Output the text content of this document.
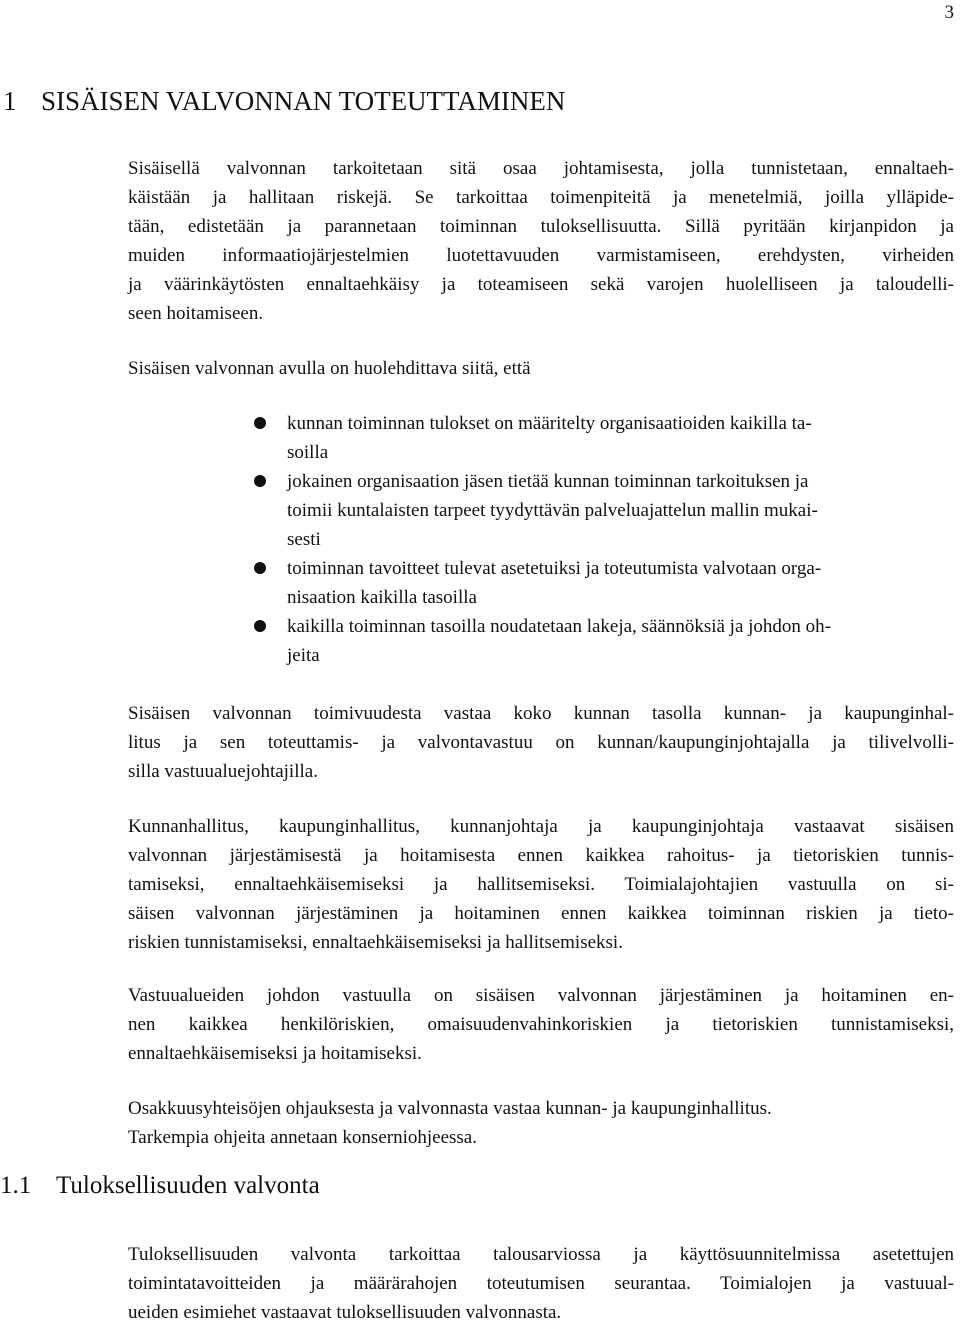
3
1 SISÄISEN VALVONNAN TOTEUTTAMINEN

Sisäisellä valvonnan tarkoitetaan sitä osaa johtamisesta, jolla tunnistetaan, ennaltaeh-
käistään ja hallitaan riskejä. Se tarkoittaa toimenpiteitä ja menetelmiä, joilla ylläpide-
tään, edistetään ja parannetaan toiminnan tuloksellisuutta. Sillä pyritään kirjanpidon ja
muiden informaatiojärjestelmien luotettavuuden varmistamiseen, erehdysten, virheiden
ja väärinkäytösten ennaltaehkäisy ja toteamiseen sekä varojen huolelliseen ja taloudelli-
seen hoitamiseen.

Sisäisen valvonnan avulla on huolehdittava siitä, että

kunnan toiminnan tulokset on määritelty organisaatioiden kaikilla ta-
soilla
jokainen organisaation jäsen tietää kunnan toiminnan tarkoituksen ja
toimii kuntalaisten tarpeet tyydyttävän palveluajattelun mallin mukai-
sesti
toiminnan tavoitteet tulevat asetetuiksi ja toteutumista valvotaan orga-
nisaation kaikilla tasoilla
kaikilla toiminnan tasoilla noudatetaan lakeja, säännöksiä ja johdon oh-
jeita

Sisäisen valvonnan toimivuudesta vastaa koko kunnan tasolla kunnan- ja kaupunginhal-
litus ja sen toteuttamis- ja valvontavastuu on kunnan/kaupunginjohtajalla ja tilivelvolli-
silla vastuualuejohtajilla.

Kunnanhallitus, kaupunginhallitus, kunnanjohtaja ja kaupunginjohtaja vastaavat sisäisen
valvonnan järjestämisestä ja hoitamisesta ennen kaikkea rahoitus- ja tietoriskien tunnis-
tamiseksi, ennaltaehkäisemiseksi ja hallitsemiseksi. Toimialajohtajien vastuulla on si-
säisen valvonnan järjestäminen ja hoitaminen ennen kaikkea toiminnan riskien ja tieto-
riskien tunnistamiseksi, ennaltaehkäisemiseksi ja hallitsemiseksi.

Vastuualueiden johdon vastuulla on sisäisen valvonnan järjestäminen ja hoitaminen en-
nen kaikkea henkilöriskien, omaisuudenvahinkoriskien ja tietoriskien tunnistamiseksi,
ennaltaehkäisemiseksi ja hoitamiseksi.

Osakkuusyhteisöjen ohjauksesta ja valvonnasta vastaa kunnan- ja kaupunginhallitus.
Tarkempia ohjeita annetaan konserniohjeessa.

1.1 Tuloksellisuuden valvonta

Tuloksellisuuden valvonta tarkoittaa talousarviossa ja käyttösuunnitelmissa asetettujen
toimintatavoitteiden ja määrärahojen toteutumisen seurantaa. Toimialojen ja vastuual-
ueiden esimiehet vastaavat tuloksellisuuden valvonnasta.
